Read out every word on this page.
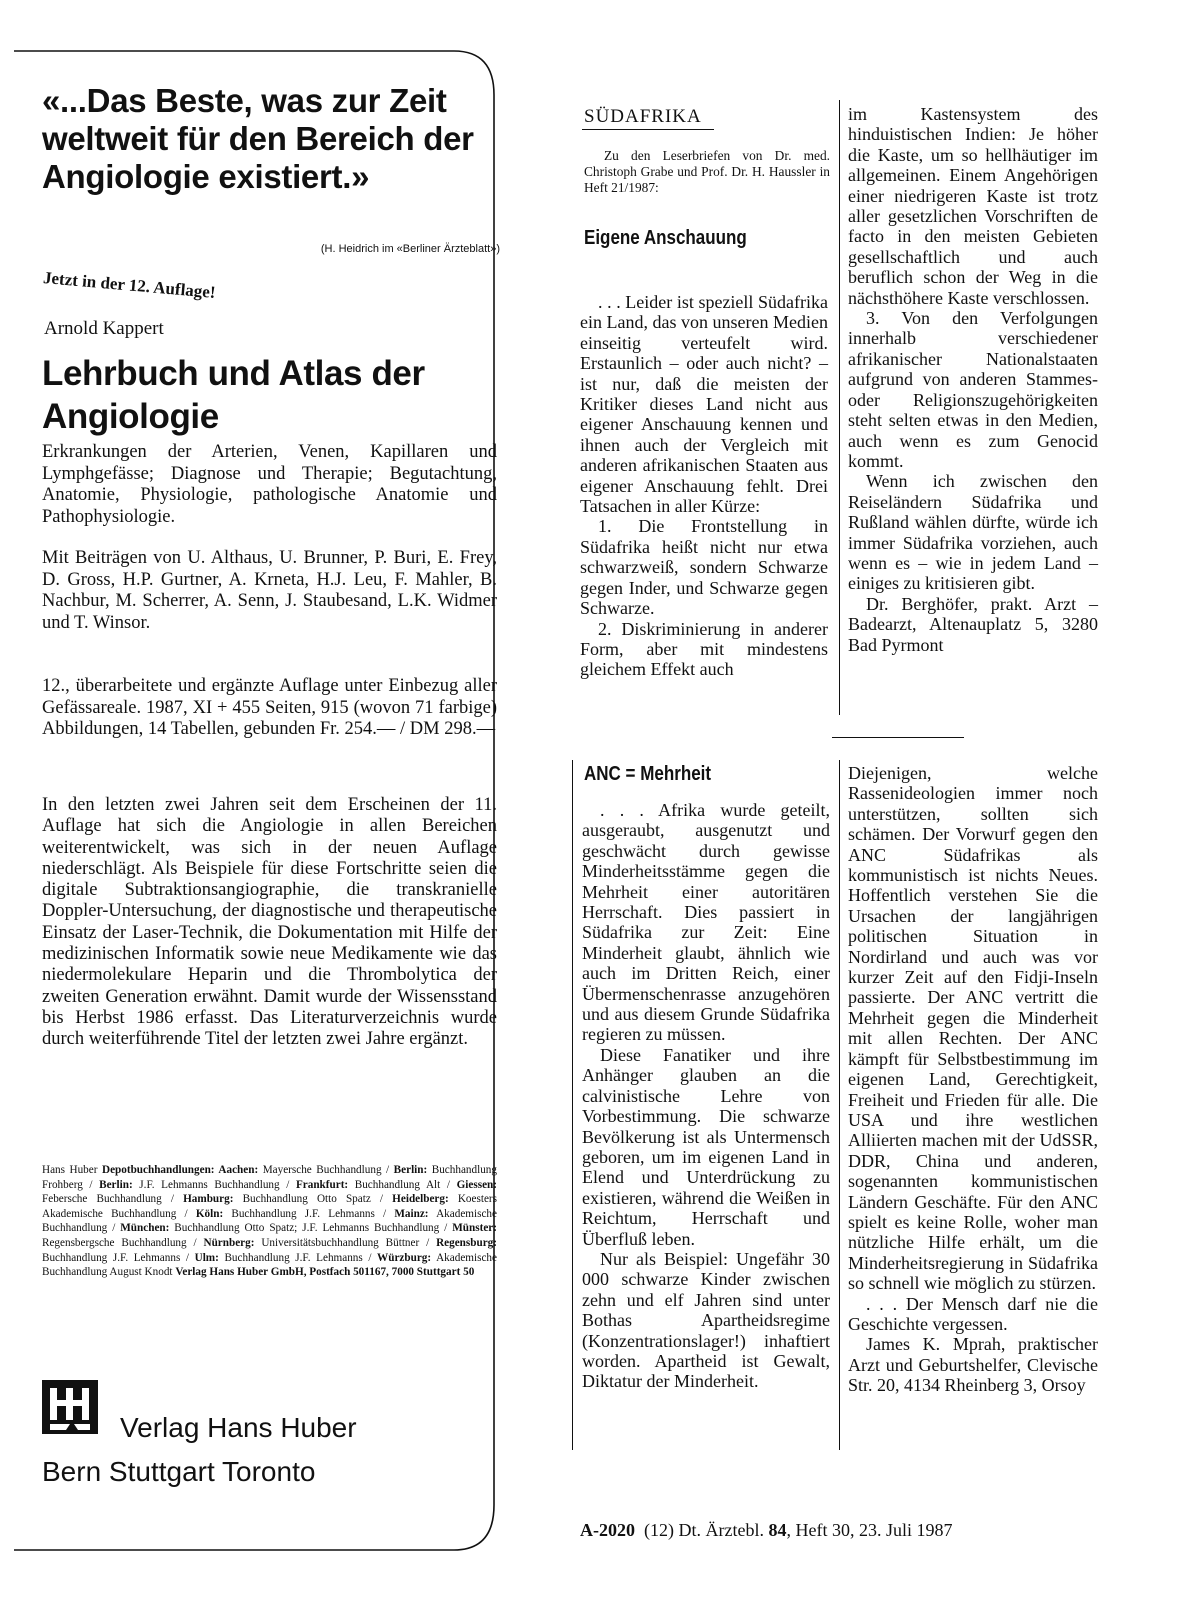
«...Das Beste, was zur Zeit weltweit für den Bereich der Angiologie existiert.»
(H. Heidrich im «Berliner Ärzteblatt»)
Jetzt in der 12. Auflage!
Arnold Kappert
Lehrbuch und Atlas der Angiologie
Erkrankungen der Arterien, Venen, Kapillaren und Lymphgefässe; Diagnose und Therapie; Begutachtung, Anatomie, Physiologie, pathologische Anatomie und Pathophysiologie.
Mit Beiträgen von U. Althaus, U. Brunner, P. Buri, E. Frey, D. Gross, H.P. Gurtner, A. Krneta, H.J. Leu, F. Mahler, B. Nachbur, M. Scherrer, A. Senn, J. Staubesand, L.K. Widmer und T. Winsor.
12., überarbeitete und ergänzte Auflage unter Einbezug aller Gefässareale. 1987, XI + 455 Seiten, 915 (wovon 71 farbige) Abbildungen, 14 Tabellen, gebunden Fr. 254.— / DM 298.—
In den letzten zwei Jahren seit dem Erscheinen der 11. Auflage hat sich die Angiologie in allen Bereichen weiterentwickelt, was sich in der neuen Auflage niederschlägt. Als Beispiele für diese Fortschritte seien die digitale Subtraktionsangiographie, die transkranielle Doppler-Untersuchung, der diagnostische und therapeutische Einsatz der Laser-Technik, die Dokumentation mit Hilfe der medizinischen Informatik sowie neue Medikamente wie das niedermolekulare Heparin und die Thrombolytica der zweiten Generation erwähnt. Damit wurde der Wissensstand bis Herbst 1986 erfasst. Das Literaturverzeichnis wurde durch weiterführende Titel der letzten zwei Jahre ergänzt.
Hans Huber Depotbuchhandlungen: Aachen: Mayersche Buchhandlung / Berlin: Buchhandlung Frohberg / Berlin: J.F. Lehmanns Buchhandlung / Frankfurt: Buchhandlung Alt / Giessen: Febersche Buchhandlung / Hamburg: Buchhandlung Otto Spatz / Heidelberg: Koesters Akademische Buchhandlung / Köln: Buchhandlung J.F. Lehmanns / Mainz: Akademische Buchhandlung / München: Buchhandlung Otto Spatz; J.F. Lehmanns Buchhandlung / Münster: Regensbergsche Buchhandlung / Nürnberg: Universitätsbuchhandlung Büttner / Regensburg: Buchhandlung J.F. Lehmanns / Ulm: Buchhandlung J.F. Lehmanns / Würzburg: Akademische Buchhandlung August Knodt Verlag Hans Huber GmbH, Postfach 501167, 7000 Stuttgart 50
Verlag Hans Huber
Bern Stuttgart Toronto
SÜDAFRIKA
Zu den Leserbriefen von Dr. med. Christoph Grabe und Prof. Dr. H. Haussler in Heft 21/1987:
Eigene Anschauung

. . . Leider ist speziell Südafrika ein Land, das von unseren Medien einseitig verteufelt wird. Erstaunlich – oder auch nicht? – ist nur, daß die meisten der Kritiker dieses Land nicht aus eigener Anschauung kennen und ihnen auch der Vergleich mit anderen afrikanischen Staaten aus eigener Anschauung fehlt. Drei Tatsachen in aller Kürze:

1. Die Frontstellung in Südafrika heißt nicht nur etwa schwarzweiß, sondern Schwarze gegen Inder, und Schwarze gegen Schwarze.

2. Diskriminierung in anderer Form, aber mit mindestens gleichem Effekt auch

im Kastensystem des hinduistischen Indien: Je höher die Kaste, um so hellhäutiger im allgemeinen. Einem Angehörigen einer niedrigeren Kaste ist trotz aller gesetzlichen Vorschriften de facto in den meisten Gebieten gesellschaftlich und auch beruflich schon der Weg in die nächsthöhere Kaste verschlossen.

3. Von den Verfolgungen innerhalb verschiedener afrikanischer Nationalstaaten aufgrund von anderen Stammes- oder Religionszugehörigkeiten steht selten etwas in den Medien, auch wenn es zum Genocid kommt.

Wenn ich zwischen den Reiseländern Südafrika und Rußland wählen dürfte, würde ich immer Südafrika vorziehen, auch wenn es – wie in jedem Land – einiges zu kritisieren gibt.

Dr. Berghöfer, prakt. Arzt – Badearzt, Altenauplatz 5, 3280 Bad Pyrmont

ANC = Mehrheit

. . . Afrika wurde geteilt, ausgeraubt, ausgenutzt und geschwächt durch gewisse Minderheitsstämme gegen die Mehrheit einer autoritären Herrschaft. Dies passiert in Südafrika zur Zeit: Eine Minderheit glaubt, ähnlich wie auch im Dritten Reich, einer Übermenschenrasse anzugehören und aus diesem Grunde Südafrika regieren zu müssen.

Diese Fanatiker und ihre Anhänger glauben an die calvinistische Lehre von Vorbestimmung. Die schwarze Bevölkerung ist als Untermensch geboren, um im eigenen Land in Elend und Unterdrückung zu existieren, während die Weißen in Reichtum, Herrschaft und Überfluß leben.

Nur als Beispiel: Ungefähr 30 000 schwarze Kinder zwischen zehn und elf Jahren sind unter Bothas Apartheidsregime (Konzentrationslager!) inhaftiert worden. Apartheid ist Gewalt, Diktatur der Minderheit.

Diejenigen, welche Rassenideologien immer noch unterstützen, sollten sich schämen. Der Vorwurf gegen den ANC Südafrikas als kommunistisch ist nichts Neues. Hoffentlich verstehen Sie die Ursachen der langjährigen politischen Situation in Nordirland und auch was vor kurzer Zeit auf den Fidji-Inseln passierte. Der ANC vertritt die Mehrheit gegen die Minderheit mit allen Rechten. Der ANC kämpft für Selbstbestimmung im eigenen Land, Gerechtigkeit, Freiheit und Frieden für alle. Die USA und ihre westlichen Alliierten machen mit der UdSSR, DDR, China und anderen, sogenannten kommunistischen Ländern Geschäfte. Für den ANC spielt es keine Rolle, woher man nützliche Hilfe erhält, um die Minderheitsregierung in Südafrika so schnell wie möglich zu stürzen.

. . . Der Mensch darf nie die Geschichte vergessen.

James K. Mprah, praktischer Arzt und Geburtshelfer, Clevische Str. 20, 4134 Rheinberg 3, Orsoy

A-2020 (12) Dt. Ärztebl. 84, Heft 30, 23. Juli 1987
